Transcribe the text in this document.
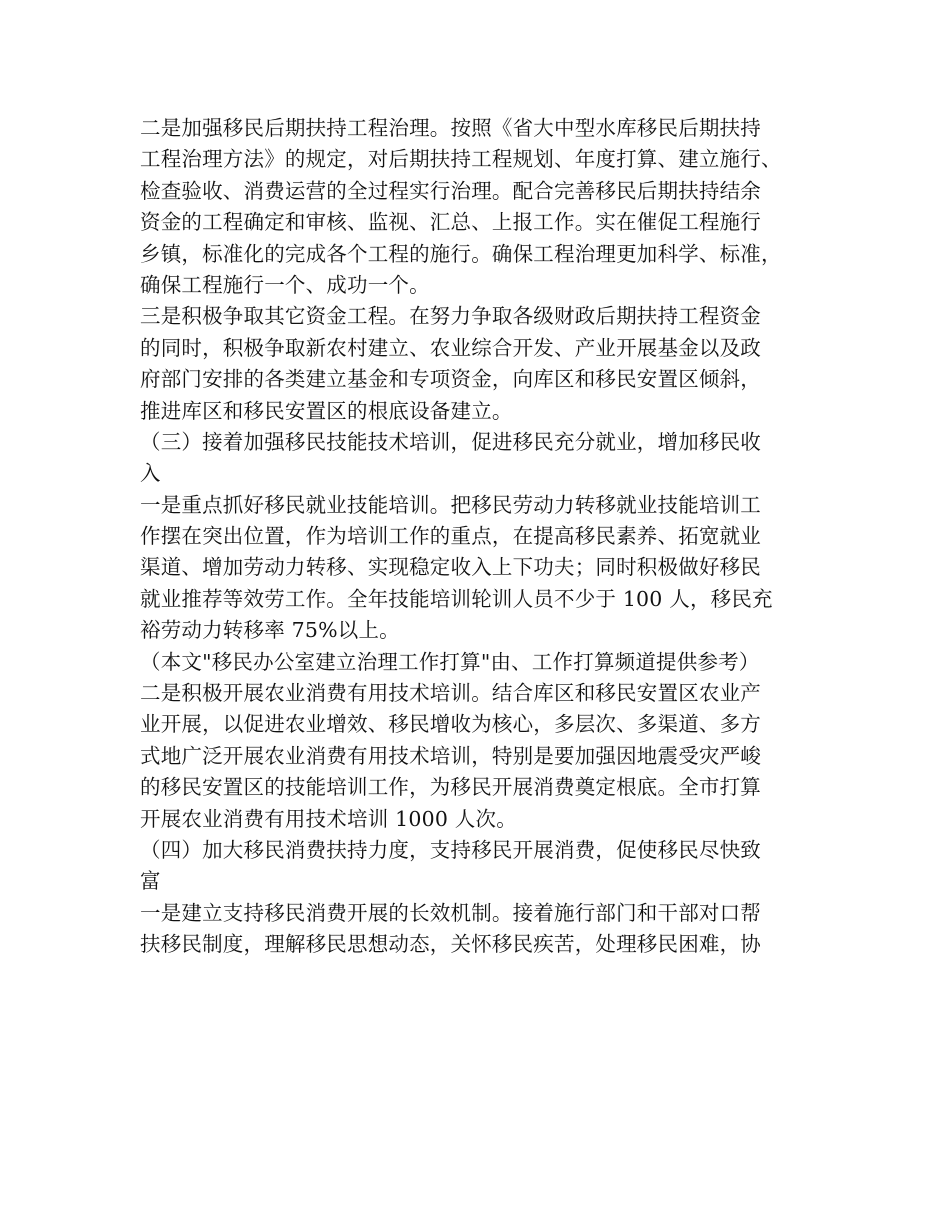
二是加强移民后期扶持工程治理。按照《省大中型水库移民后期扶持
工程治理方法》的规定，对后期扶持工程规划、年度打算、建立施行、
检查验收、消费运营的全过程实行治理。配合完善移民后期扶持结余
资金的工程确定和审核、监视、汇总、上报工作。实在催促工程施行
乡镇，标准化的完成各个工程的施行。确保工程治理更加科学、标准，
确保工程施行一个、成功一个。
三是积极争取其它资金工程。在努力争取各级财政后期扶持工程资金
的同时，积极争取新农村建立、农业综合开发、产业开展基金以及政
府部门安排的各类建立基金和专项资金，向库区和移民安置区倾斜，
推进库区和移民安置区的根底设备建立。
（三）接着加强移民技能技术培训，促进移民充分就业，增加移民收
入
一是重点抓好移民就业技能培训。把移民劳动力转移就业技能培训工
作摆在突出位置，作为培训工作的重点，在提高移民素养、拓宽就业
渠道、增加劳动力转移、实现稳定收入上下功夫；同时积极做好移民
就业推荐等效劳工作。全年技能培训轮训人员不少于 100 人，移民充
裕劳动力转移率 75%以上。
（本文"移民办公室建立治理工作打算"由、工作打算频道提供参考）
二是积极开展农业消费有用技术培训。结合库区和移民安置区农业产
业开展，以促进农业增效、移民增收为核心，多层次、多渠道、多方
式地广泛开展农业消费有用技术培训，特别是要加强因地震受灾严峻
的移民安置区的技能培训工作，为移民开展消费奠定根底。全市打算
开展农业消费有用技术培训 1000 人次。
（四）加大移民消费扶持力度，支持移民开展消费，促使移民尽快致
富
一是建立支持移民消费开展的长效机制。接着施行部门和干部对口帮
扶移民制度，理解移民思想动态，关怀移民疾苦，处理移民困难，协
